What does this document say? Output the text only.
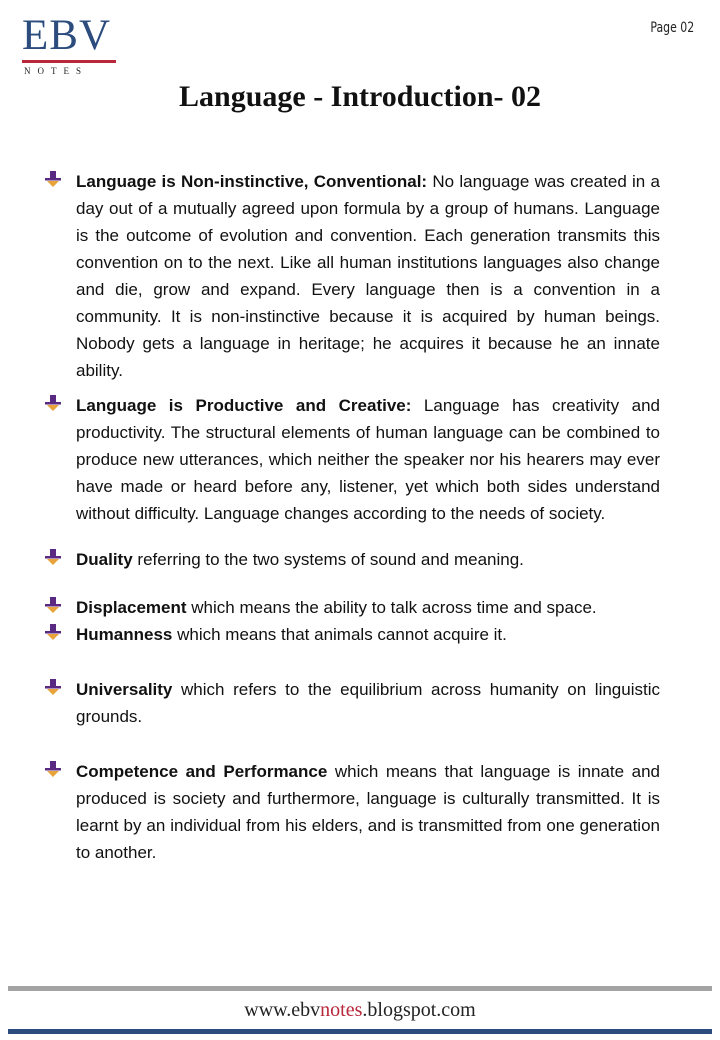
EBV
NOTES
Page 02
Language - Introduction- 02
Language is Non-instinctive, Conventional: No language was created in a day out of a mutually agreed upon formula by a group of humans. Language is the outcome of evolution and convention. Each generation transmits this convention on to the next. Like all human institutions languages also change and die, grow and expand. Every language then is a convention in a community. It is non-instinctive because it is acquired by human beings. Nobody gets a language in heritage; he acquires it because he an innate ability.
Language is Productive and Creative: Language has creativity and productivity. The structural elements of human language can be combined to produce new utterances, which neither the speaker nor his hearers may ever have made or heard before any, listener, yet which both sides understand without difficulty. Language changes according to the needs of society.
Duality referring to the two systems of sound and meaning.
Displacement which means the ability to talk across time and space.
Humanness which means that animals cannot acquire it.
Universality which refers to the equilibrium across humanity on linguistic grounds.
Competence and Performance which means that language is innate and produced is society and furthermore, language is culturally transmitted. It is learnt by an individual from his elders, and is transmitted from one generation to another.
www.ebvnotes.blogspot.com
